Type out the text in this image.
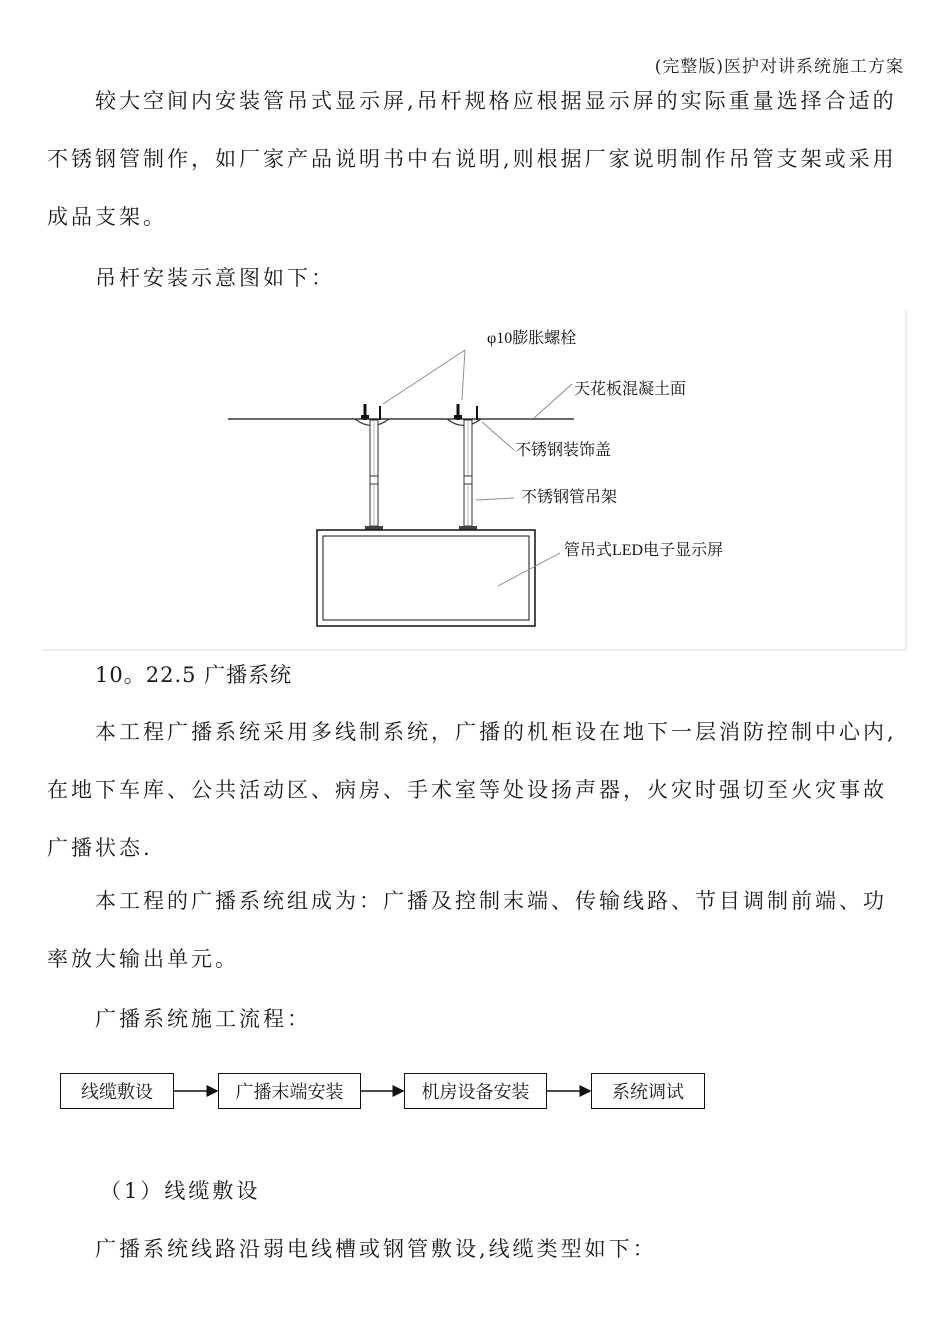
(完整版)医护对讲系统施工方案

较大空间内安装管吊式显示屏,吊杆规格应根据显示屏的实际重量选择合适的不锈钢管制作，如厂家产品说明书中右说明,则根据厂家说明制作吊管支架或采用成品支架。

吊杆安装示意图如下：

φ10膨胀螺栓
天花板混凝土面
不锈钢装饰盖
不锈钢管吊架
管吊式LED电子显示屏

10。22.5 广播系统

本工程广播系统采用多线制系统，广播的机柜设在地下一层消防控制中心内,在地下车库、公共活动区、病房、手术室等处设扬声器，火灾时强切至火灾事故广播状态.

本工程的广播系统组成为：广播及控制末端、传输线路、节目调制前端、功率放大输出单元。

广播系统施工流程：

线缆敷设	广播末端安装	机房设备安装	系统调试

（1）线缆敷设

广播系统线路沿弱电线槽或钢管敷设,线缆类型如下：
